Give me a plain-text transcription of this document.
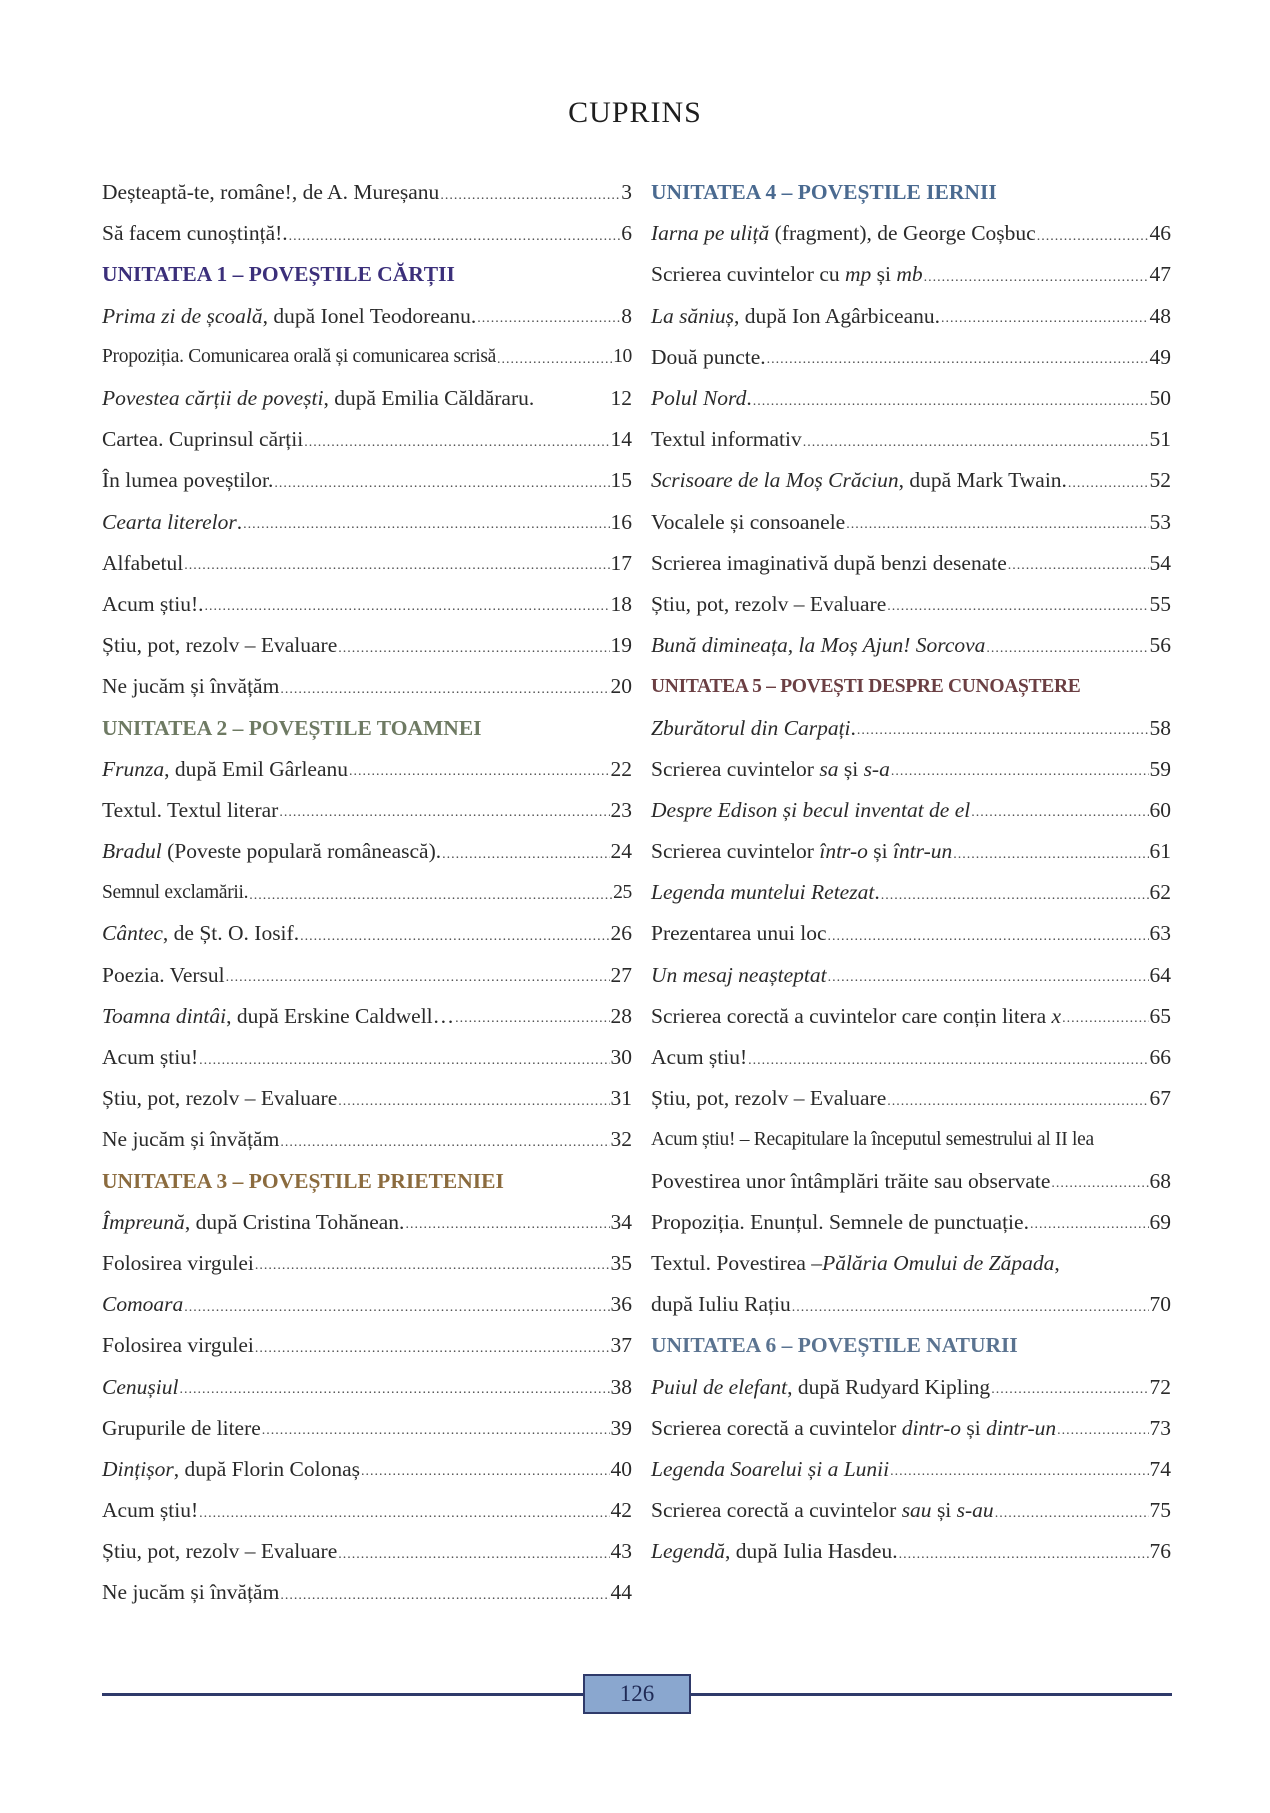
CUPRINS
Deșteaptă-te, române!, de A. Mureșanu .....	3
Să facem cunoștință!. .....	6
UNITATEA 1 – POVEȘTILE CĂRȚII
Prima zi de școală, după Ionel Teodoreanu. .....	8
Propoziția. Comunicarea orală și comunicarea scrisă .....	10
Povestea cărții de povești, după Emilia Căldăraru.	12
Cartea. Cuprinsul cărții .....	14
În lumea poveștilor. .....	15
Cearta literelor. .....	16
Alfabetul .....	17
Acum știu!. .....	18
Știu, pot, rezolv – Evaluare .....	19
Ne jucăm și învățăm .....	20
UNITATEA 2 – POVEȘTILE TOAMNEI
Frunza, după Emil Gârleanu .....	22
Textul. Textul literar .....	23
Bradul (Poveste populară românească). .....	24
Semnul exclamării. .....	25
Cântec, de Șt. O. Iosif. .....	26
Poezia. Versul .....	27
Toamna dintâi, după Erskine Caldwell… .....	28
Acum știu! .....	30
Știu, pot, rezolv – Evaluare .....	31
Ne jucăm și învățăm .....	32
UNITATEA 3 – POVEȘTILE PRIETENIEI
Împreună, după Cristina Tohănean. .....	34
Folosirea virgulei .....	35
Comoara .....	36
Folosirea virgulei .....	37
Cenușiul .....	38
Grupurile de litere .....	39
Dințișor, după Florin Colonaș .....	40
Acum știu! .....	42
Știu, pot, rezolv – Evaluare .....	43
Ne jucăm și învățăm .....	44
UNITATEA 4 – POVEȘTILE IERNII
Iarna pe uliță (fragment), de George Coșbuc .....	46
Scrierea cuvintelor cu mp și mb .....	47
La săniuș, după Ion Agârbiceanu. .....	48
Două puncte. .....	49
Polul Nord. .....	50
Textul informativ .....	51
Scrisoare de la Moș Crăciun, după Mark Twain. .....	52
Vocalele și consoanele .....	53
Scrierea imaginativă după benzi desenate .....	54
Știu, pot, rezolv – Evaluare .....	55
Bună dimineața, la Moș Ajun! Sorcova .....	56
UNITATEA 5 – POVEȘTI DESPRE CUNOAȘTERE
Zburătorul din Carpați. .....	58
Scrierea cuvintelor sa și s-a .....	59
Despre Edison și becul inventat de el .....	60
Scrierea cuvintelor într-o și într-un .....	61
Legenda muntelui Retezat. .....	62
Prezentarea unui loc .....	63
Un mesaj neașteptat .....	64
Scrierea corectă a cuvintelor care conțin litera x .....	65
Acum știu! .....	66
Știu, pot, rezolv – Evaluare .....	67
Acum știu! – Recapitulare la începutul semestrului al II lea
Povestirea unor întâmplări trăite sau observate .....	68
Propoziția. Enunțul. Semnele de punctuație. .....	69
Textul. Povestirea –Pălăria Omului de Zăpada,
după Iuliu Rațiu .....	70
UNITATEA 6 – POVEȘTILE NATURII
Puiul de elefant, după Rudyard Kipling .....	72
Scrierea corectă a cuvintelor dintr-o și dintr-un .....	73
Legenda Soarelui și a Lunii .....	74
Scrierea corectă a cuvintelor sau și s-au .....	75
Legendă, după Iulia Hasdeu. .....	76
126
